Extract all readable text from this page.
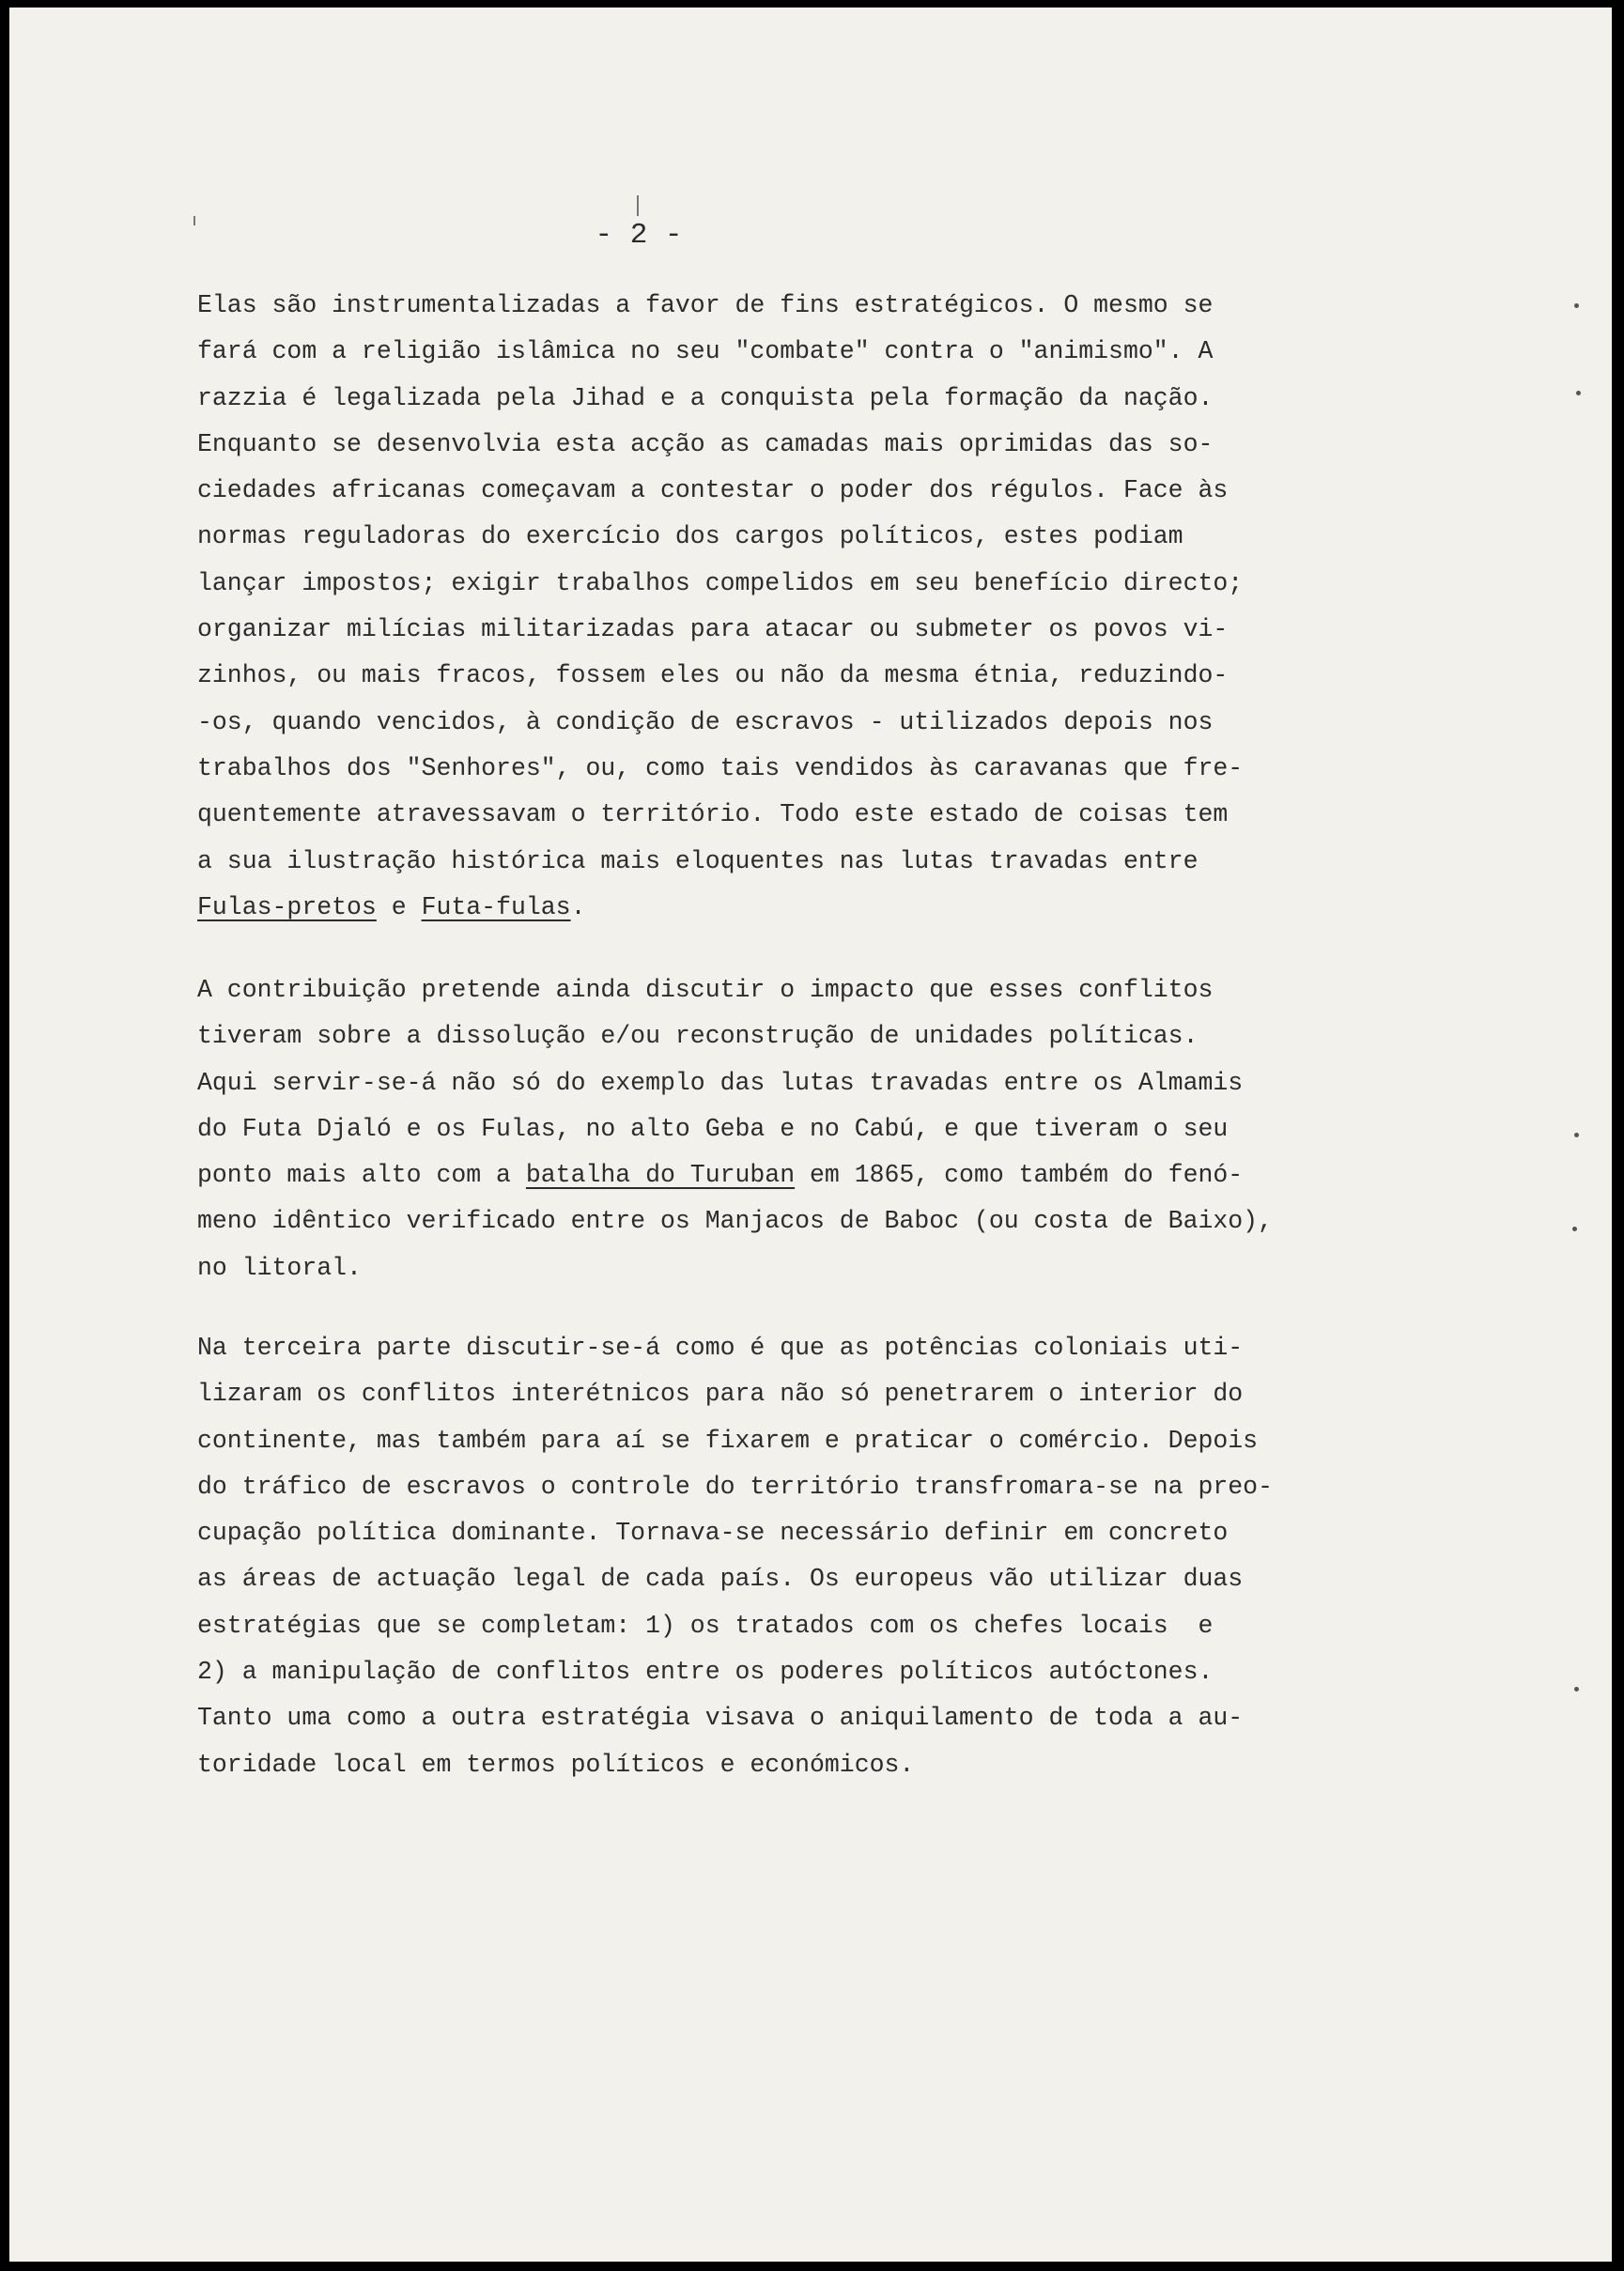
- 2 -
Elas são instrumentalizadas a favor de fins estratégicos. O mesmo se
fará com a religião islâmica no seu "combate" contra o "animismo". A
razzia é legalizada pela Jihad e a conquista pela formação da nação.
Enquanto se desenvolvia esta acção as camadas mais oprimidas das so-
ciedades africanas começavam a contestar o poder dos régulos. Face às
normas reguladoras do exercício dos cargos políticos, estes podiam
lançar impostos; exigir trabalhos compelidos em seu benefício directo;
organizar milícias militarizadas para atacar ou submeter os povos vi-
zinhos, ou mais fracos, fossem eles ou não da mesma étnia, reduzindo-
-os, quando vencidos, à condição de escravos - utilizados depois nos
trabalhos dos "Senhores", ou, como tais vendidos às caravanas que fre-
quentemente atravessavam o território. Todo este estado de coisas tem
a sua ilustração histórica mais eloquentes nas lutas travadas entre
Fulas-pretos e Futa-fulas.
A contribuição pretende ainda discutir o impacto que esses conflitos
tiveram sobre a dissolução e/ou reconstrução de unidades políticas.
Aqui servir-se-á não só do exemplo das lutas travadas entre os Almamis
do Futa Djaló e os Fulas, no alto Geba e no Cabú, e que tiveram o seu
ponto mais alto com a batalha do Turuban em 1865, como também do fenó-
meno idêntico verificado entre os Manjacos de Baboc (ou costa de Baixo),
no litoral.
Na terceira parte discutir-se-á como é que as potências coloniais uti-
lizaram os conflitos interétnicos para não só penetrarem o interior do
continente, mas também para aí se fixarem e praticar o comércio. Depois
do tráfico de escravos o controle do território transfromara-se na preo-
cupação política dominante. Tornava-se necessário definir em concreto
as áreas de actuação legal de cada país. Os europeus vão utilizar duas
estratégias que se completam: 1) os tratados com os chefes locais  e
2) a manipulação de conflitos entre os poderes políticos autóctones.
Tanto uma como a outra estratégia visava o aniquilamento de toda a au-
toridade local em termos políticos e económicos.
